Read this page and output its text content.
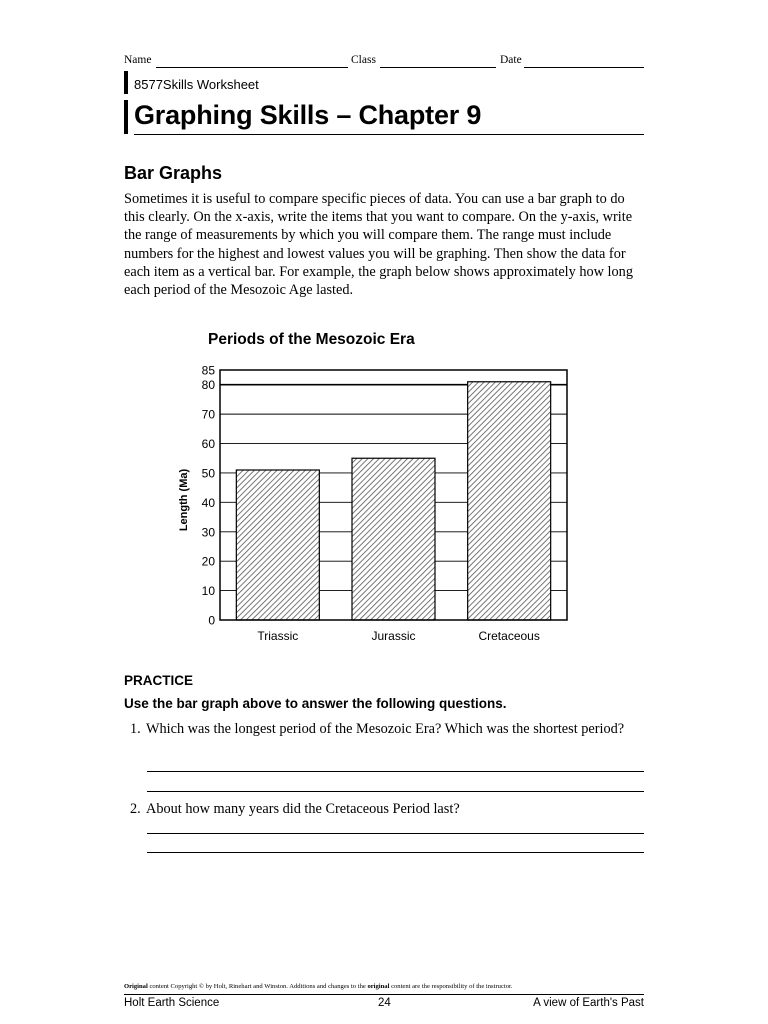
Name	Class	Date
8577Skills Worksheet
Graphing Skills – Chapter 9
Bar Graphs
Sometimes it is useful to compare specific pieces of data. You can use a bar graph to do this clearly. On the x-axis, write the items that you want to compare. On the y-axis, write the range of measurements by which you will compare them. The range must include numbers for the highest and lowest values you will be graphing. Then show the data for each item as a vertical bar. For example, the graph below shows approximately how long each period of the Mesozoic Age lasted.
Periods of the Mesozoic Era
Length (Ma)
0
10
20
30
40
50
60
70
80
85
Triassic	Jurassic	Cretaceous
PRACTICE
Use the bar graph above to answer the following questions.
1. Which was the longest period of the Mesozoic Era? Which was the shortest period?
2. About how many years did the Cretaceous Period last?
Original content Copyright © by Holt, Rinehart and Winston. Additions and changes to the original content are the responsibility of the instructor.
Holt Earth Science	24	A view of Earth's Past
